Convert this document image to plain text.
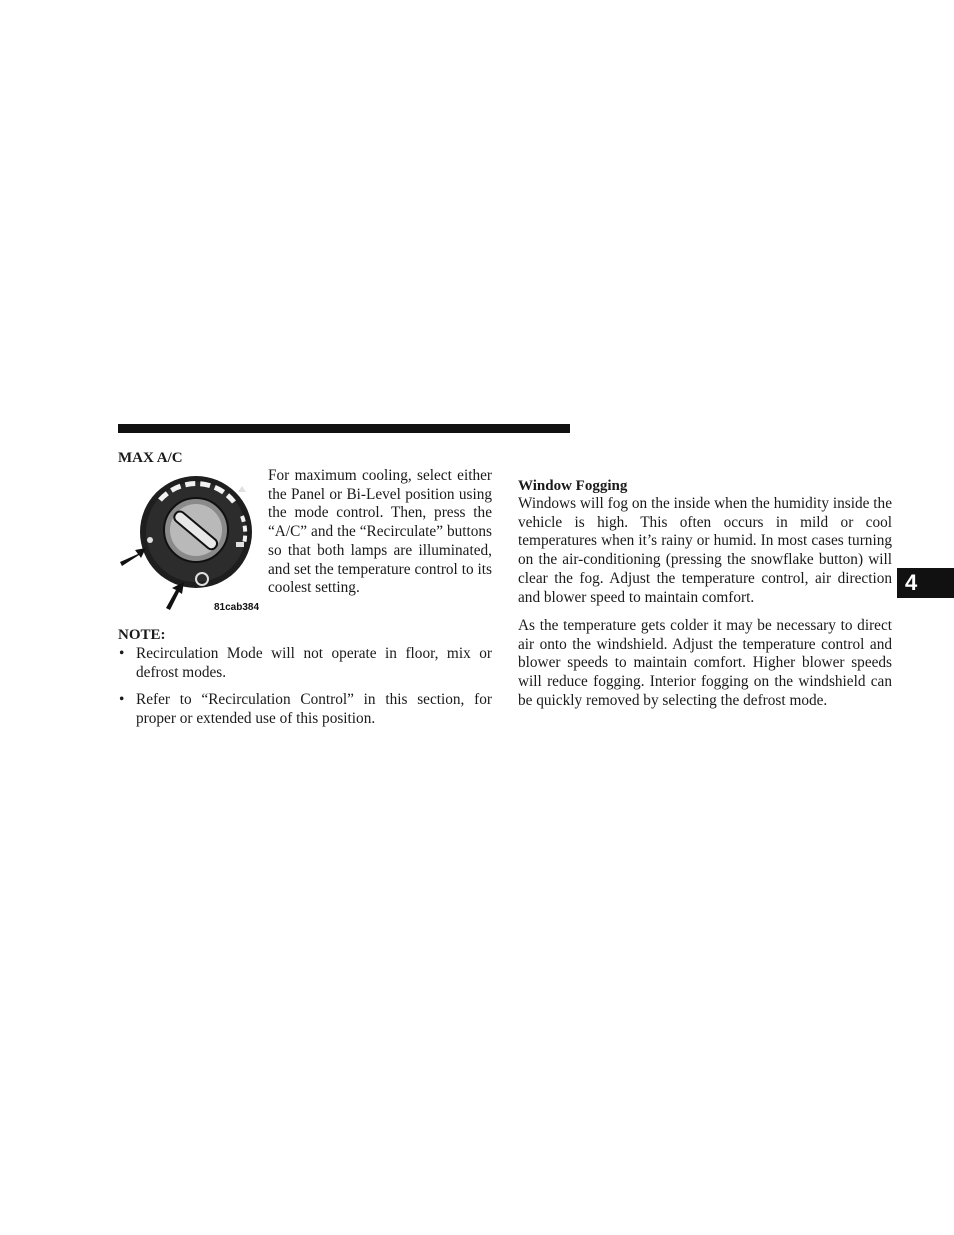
MAX A/C
81cab384

For maximum cooling, select either the Panel or Bi-Level position using the mode control. Then, press the “A/C” and the “Recirculate” buttons so that both lamps are illuminated, and set the temperature control to its coolest setting.

NOTE:
• Recirculation Mode will not operate in floor, mix or defrost modes.
• Refer to “Recirculation Control” in this section, for proper or extended use of this position.
Window Fogging

Windows will fog on the inside when the humidity inside the vehicle is high. This often occurs in mild or cool temperatures when it’s rainy or humid. In most cases turning on the air-conditioning (pressing the snowflake button) will clear the fog. Adjust the temperature control, air direction and blower speed to maintain comfort.

As the temperature gets colder it may be necessary to direct air onto the windshield. Adjust the temperature control and blower speeds to maintain comfort. Higher blower speeds will reduce fogging. Interior fogging on the windshield can be quickly removed by selecting the defrost mode.

4
